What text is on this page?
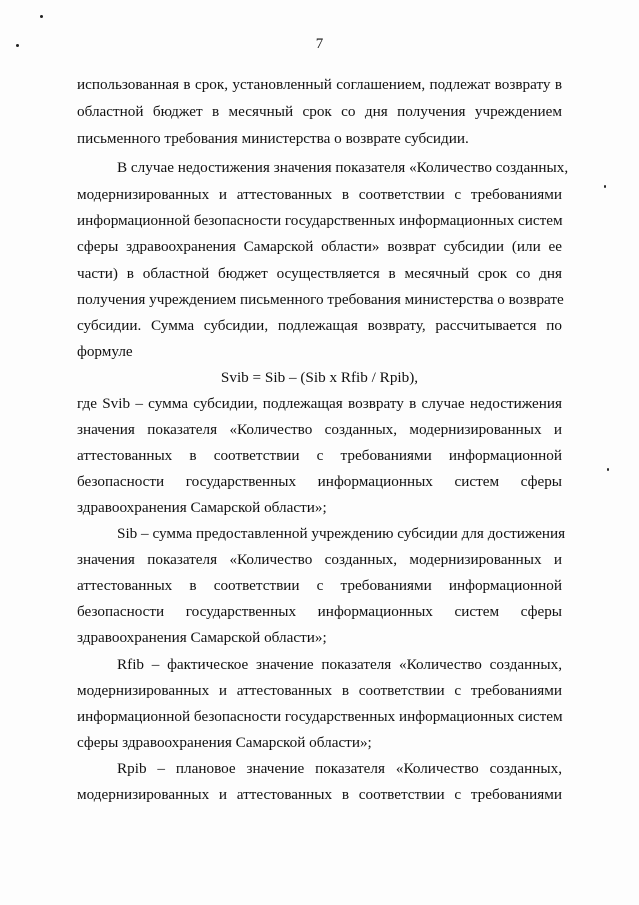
7
использованная в срок, установленный соглашением, подлежат возврату в
областной бюджет в месячный срок со дня получения учреждением
письменного требования министерства о возврате субсидии.
В случае недостижения значения показателя «Количество созданных,
модернизированных и аттестованных в соответствии с требованиями
информационной безопасности государственных информационных систем
сферы здравоохранения Самарской области» возврат субсидии (или ее
части) в областной бюджет осуществляется в месячный срок со дня
получения учреждением письменного требования министерства о возврате
субсидии. Сумма субсидии, подлежащая возврату, рассчитывается по
формуле
Svib = Sib – (Sib x Rfib / Rpib),
где Svib – сумма субсидии, подлежащая возврату в случае недостижения
значения показателя «Количество созданных, модернизированных и
аттестованных в соответствии с требованиями информационной
безопасности государственных информационных систем сферы
здравоохранения Самарской области»;
Sib – сумма предоставленной учреждению субсидии для достижения
значения показателя «Количество созданных, модернизированных и
аттестованных в соответствии с требованиями информационной
безопасности государственных информационных систем сферы
здравоохранения Самарской области»;
Rfib – фактическое значение показателя «Количество созданных,
модернизированных и аттестованных в соответствии с требованиями
информационной безопасности государственных информационных систем
сферы здравоохранения Самарской области»;
Rpib – плановое значение показателя «Количество созданных,
модернизированных и аттестованных в соответствии с требованиями
